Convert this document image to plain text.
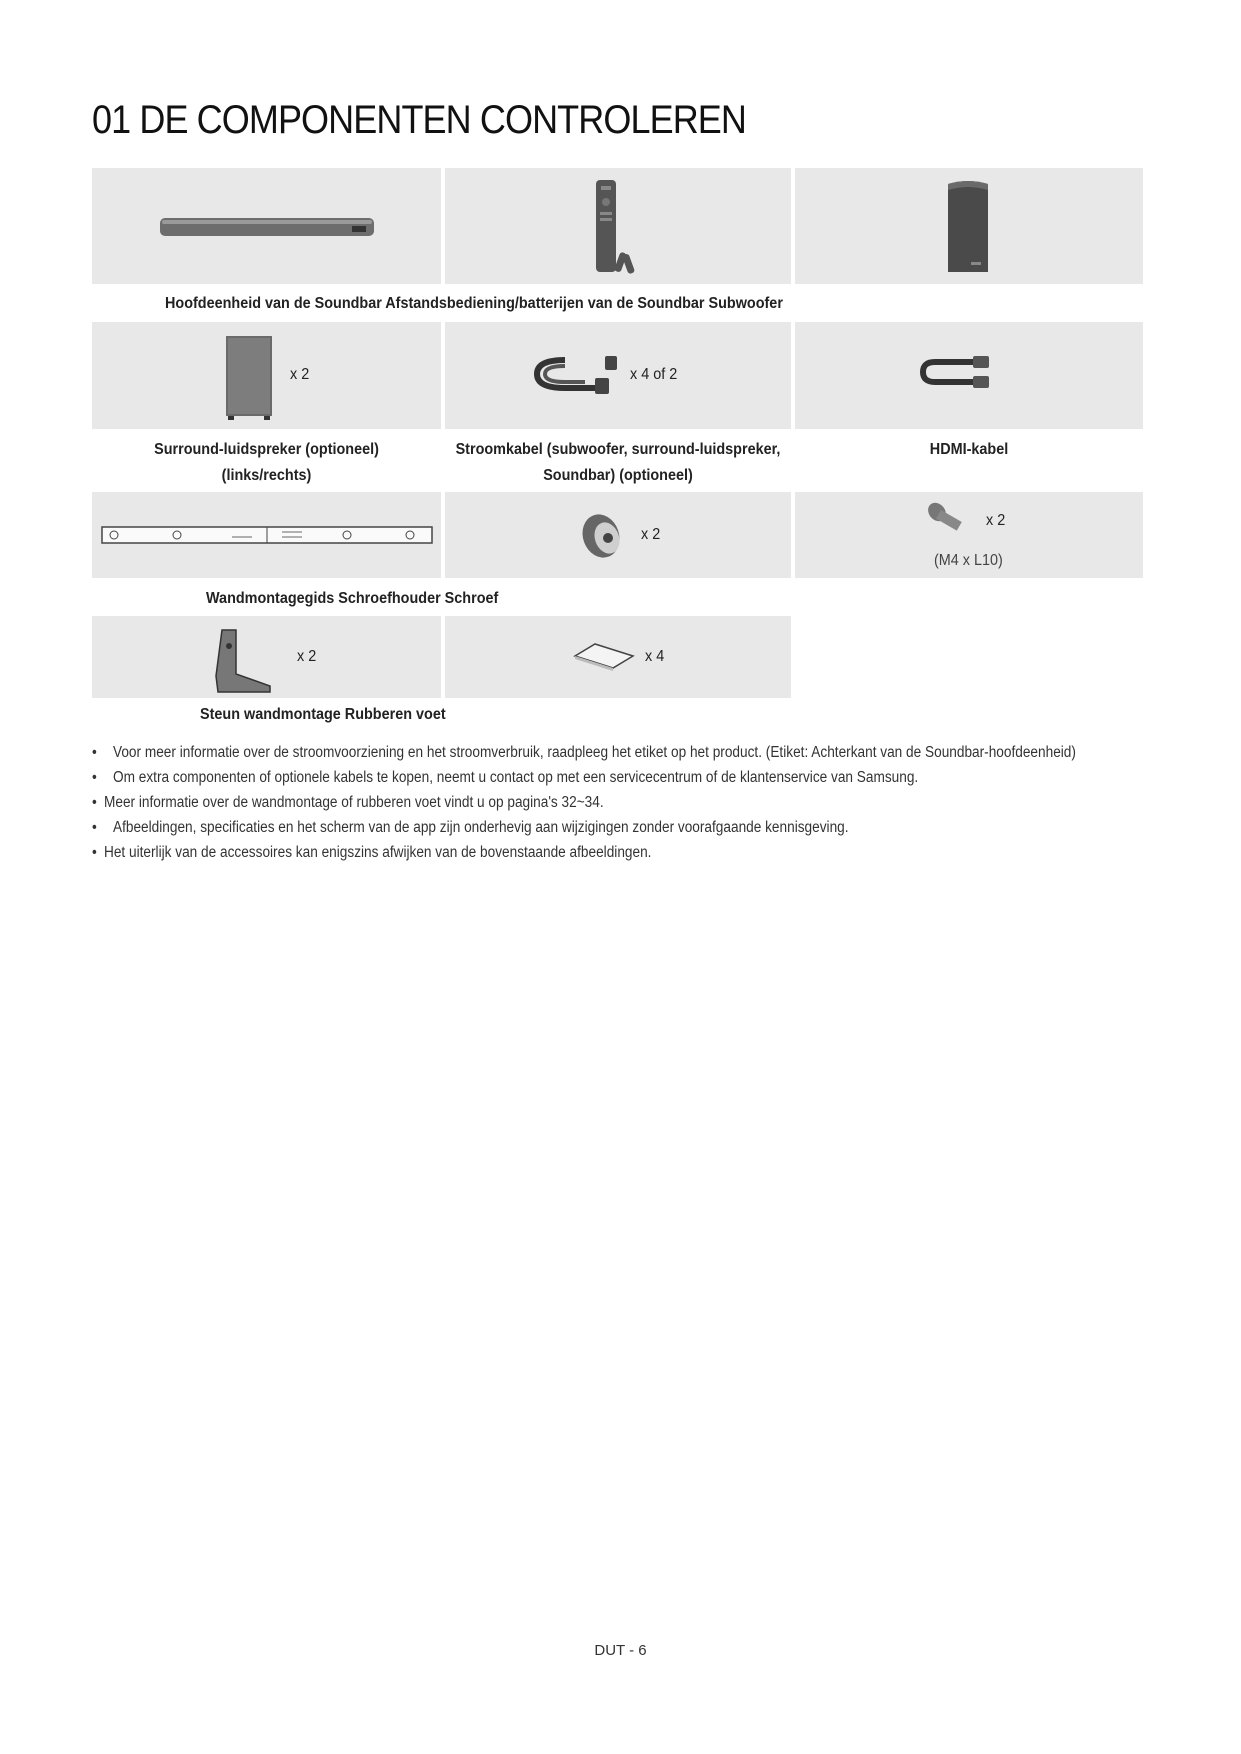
01 DE COMPONENTEN CONTROLEREN
Hoofdeenheid van de Soundbar Afstandsbediening/batterijen van de Soundbar Subwoofer
x 2	x 4 of 2
Surround-luidspreker (optioneel)
(links/rechts)
Stroomkabel (subwoofer, surround-luidspreker,
Soundbar) (optioneel)
HDMI-kabel
x 2
x 2
(M4 x L10)
Wandmontagegids Schroefhouder Schroef
x 2	x 4
Steun wandmontage Rubberen voet
• Voor meer informatie over de stroomvoorziening en het stroomverbruik, raadpleeg het etiket op het product. (Etiket: Achterkant van de Soundbar-hoofdeenheid)
• Om extra componenten of optionele kabels te kopen, neemt u contact op met een servicecentrum of de klantenservice van Samsung.
• Meer informatie over de wandmontage of rubberen voet vindt u op pagina's 32~34.
• Afbeeldingen, specificaties en het scherm van de app zijn onderhevig aan wijzigingen zonder voorafgaande kennisgeving.
• Het uiterlijk van de accessoires kan enigszins afwijken van de bovenstaande afbeeldingen.
DUT - 6
